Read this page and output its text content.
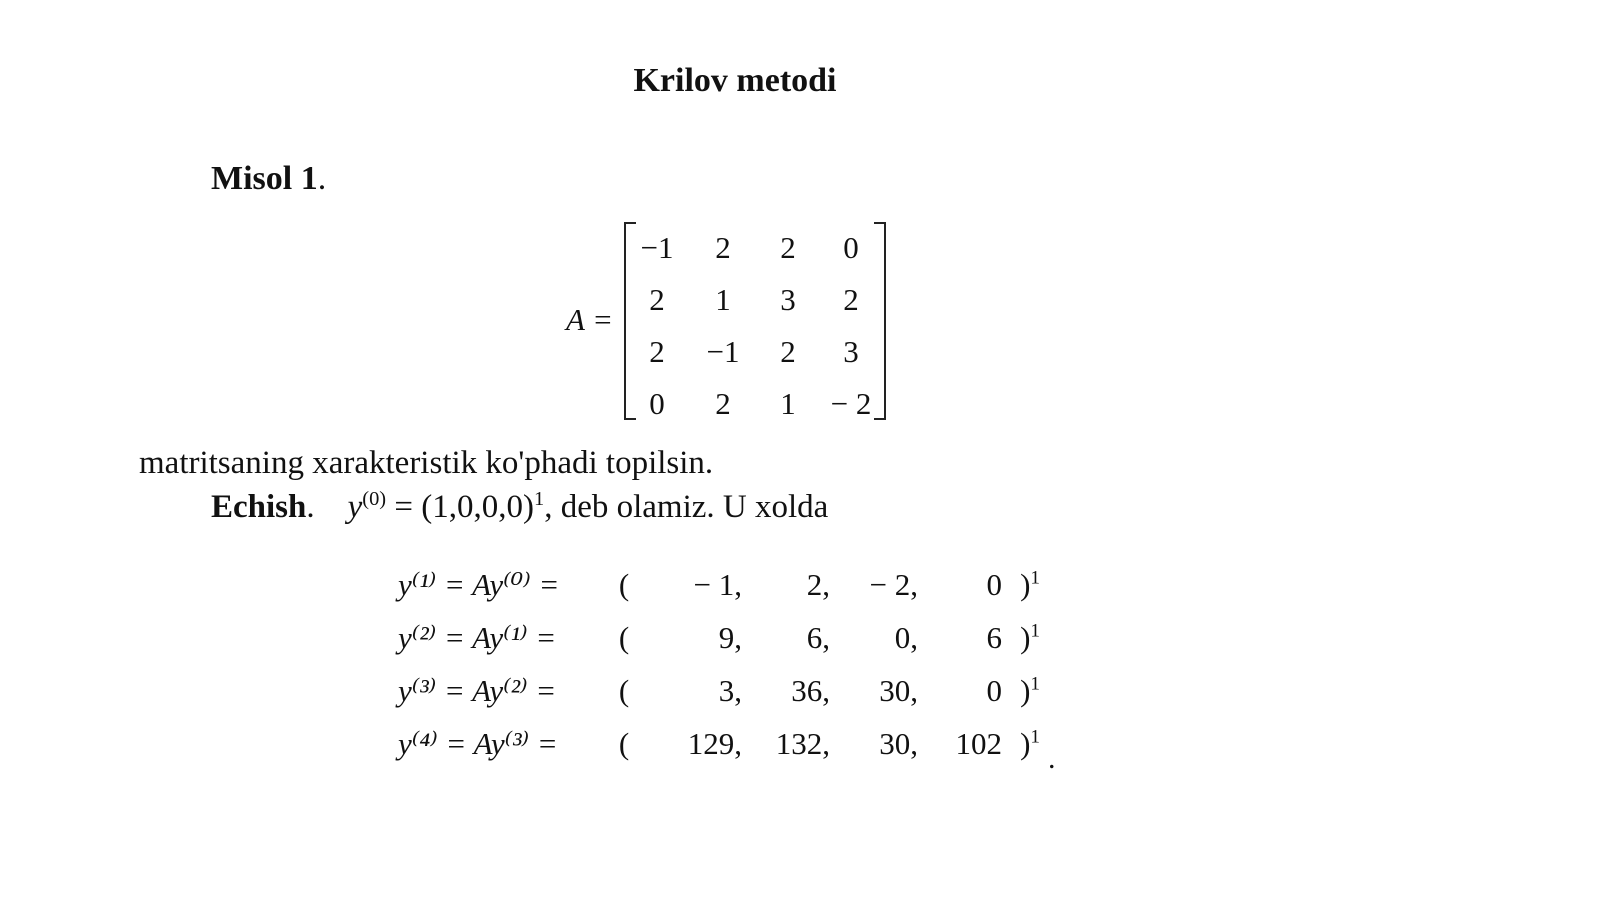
Krilov metodi
Misol 1.
A =
−1	2	2	0
2	1	3	2
2	−1	2	3
0	2	1	− 2
matritsaning xarakteristik ko'phadi topilsin.
Echish. $y^{(0)} = (1,0,0,0)^1$, deb olamiz. U xolda
y⁽¹⁾ = Ay⁽⁰⁾ =	(	− 1,	2,	− 2,	0 )$^1$
y⁽²⁾ = Ay⁽¹⁾ =	(	9,	6,	0,	6 )$^1$
y⁽³⁾ = Ay⁽²⁾ =	(	3,	36,	30,	0 )$^1$
y⁽⁴⁾ = Ay⁽³⁾ =	(	129,	132,	30,	102 )$^1$
.
